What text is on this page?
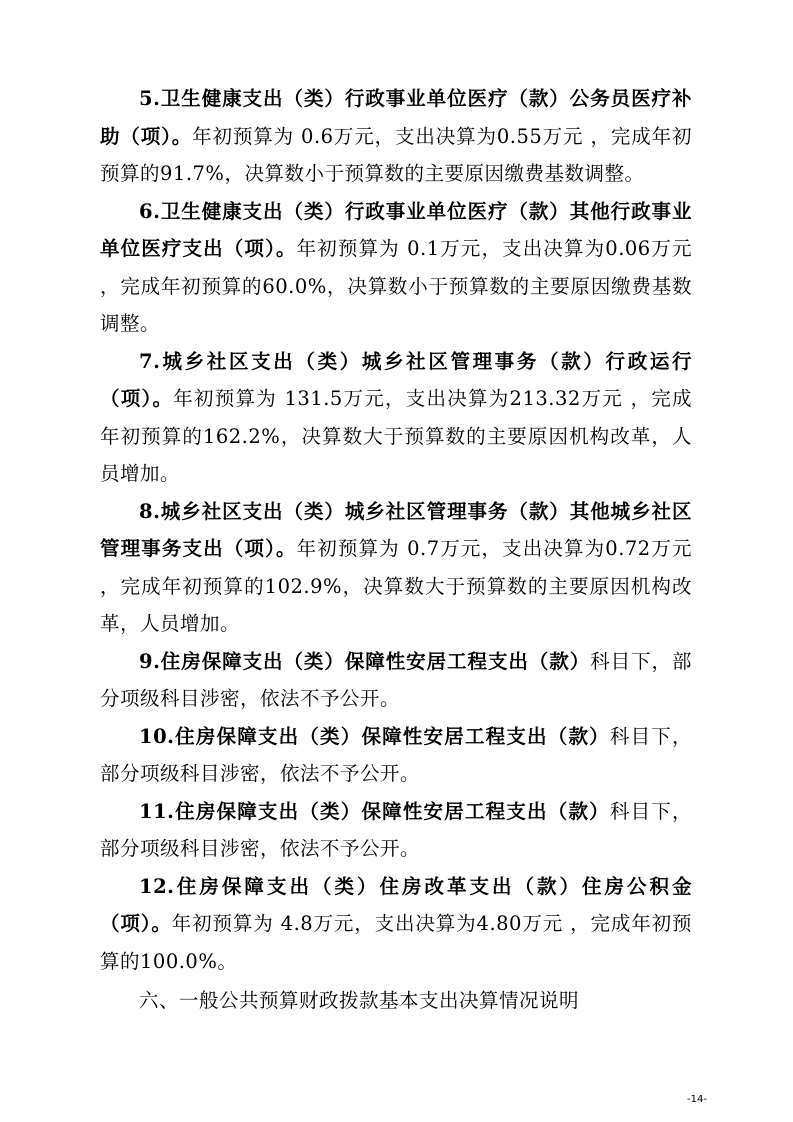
5.卫生健康支出（类）行政事业单位医疗（款）公务员医疗补助（项）。年初预算为 0.6万元，支出决算为0.55万元 ，完成年初预算的91.7%，决算数小于预算数的主要原因缴费基数调整。

6.卫生健康支出（类）行政事业单位医疗（款）其他行政事业单位医疗支出（项）。年初预算为 0.1万元，支出决算为0.06万元 ，完成年初预算的60.0%，决算数小于预算数的主要原因缴费基数调整。

7.城乡社区支出（类）城乡社区管理事务（款）行政运行（项）。年初预算为 131.5万元，支出决算为213.32万元 ，完成年初预算的162.2%，决算数大于预算数的主要原因机构改革，人员增加。

8.城乡社区支出（类）城乡社区管理事务（款）其他城乡社区管理事务支出（项）。年初预算为 0.7万元，支出决算为0.72万元 ，完成年初预算的102.9%，决算数大于预算数的主要原因机构改革，人员增加。

9.住房保障支出（类）保障性安居工程支出（款）科目下，部分项级科目涉密，依法不予公开。

10.住房保障支出（类）保障性安居工程支出（款）科目下，部分项级科目涉密，依法不予公开。

11.住房保障支出（类）保障性安居工程支出（款）科目下，部分项级科目涉密，依法不予公开。

12.住房保障支出（类）住房改革支出（款）住房公积金（项）。年初预算为 4.8万元，支出决算为4.80万元 ，完成年初预算的100.0%。

六、一般公共预算财政拨款基本支出决算情况说明

-14-
